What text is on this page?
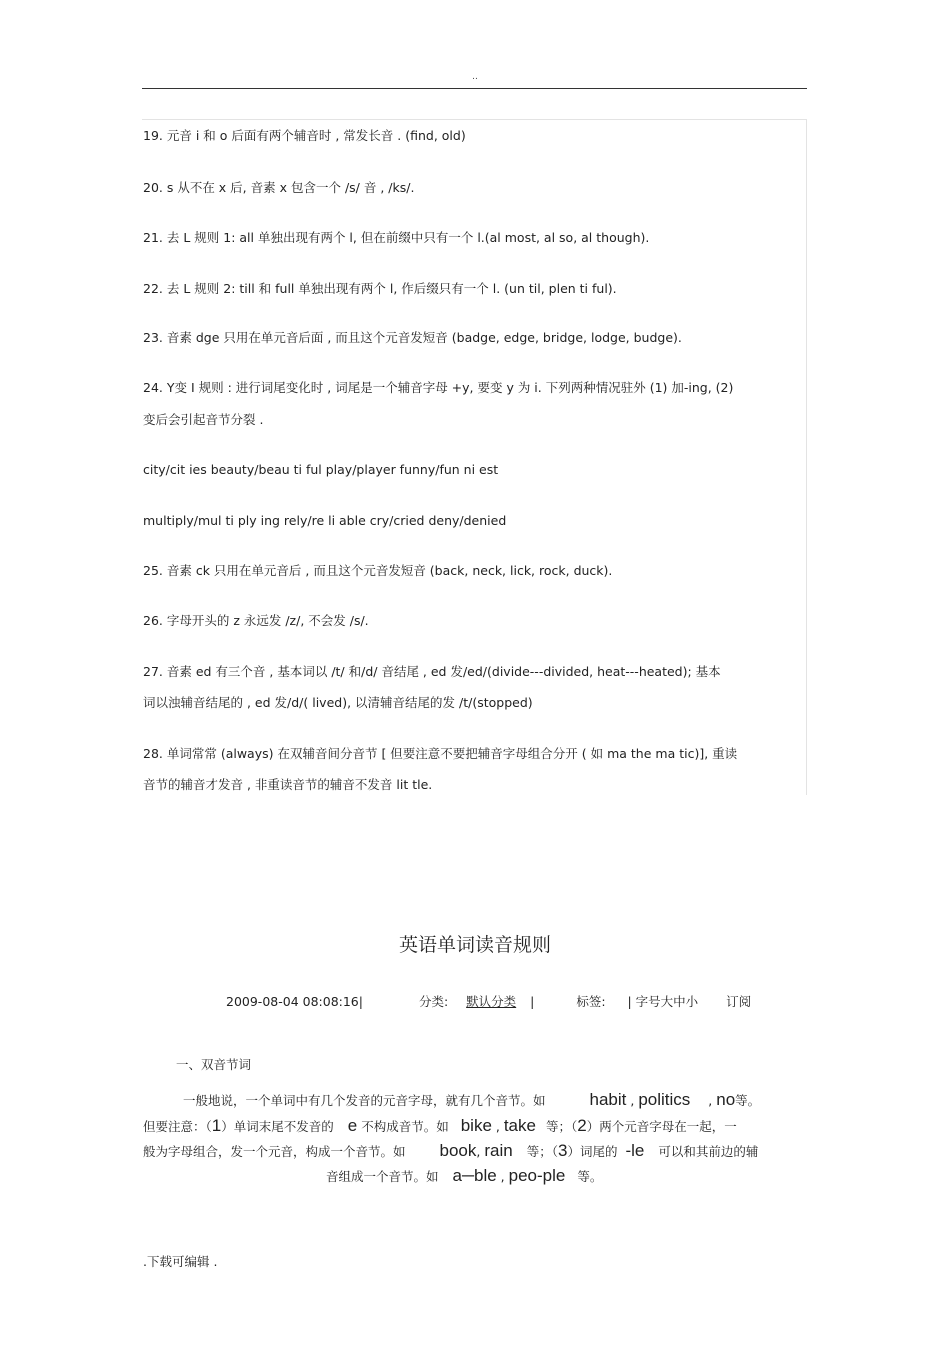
..
19. 元音 i 和 o 后面有两个辅音时 , 常发长音 . (find, old)
20. s 从不在 x 后, 音素 x 包含一个 /s/ 音 , /ks/.
21. 去 L 规则 1: all 单独出现有两个 l, 但在前缀中只有一个 l.(al most, al so, al though).
22. 去 L 规则 2: till 和 full 单独出现有两个 l, 作后缀只有一个 l. (un til, plen ti ful).
23. 音素 dge 只用在单元音后面 , 而且这个元音发短音 (badge, edge, bridge, lodge, budge).
24. Y变 I 规则 : 进行词尾变化时 , 词尾是一个辅音字母 +y, 要变 y 为 i. 下列两种情况驻外 (1) 加-ing, (2)
变后会引起音节分裂 .
city/cit ies beauty/beau ti ful play/player funny/fun ni est
multiply/mul ti ply ing rely/re li able cry/cried deny/denied
25. 音素 ck 只用在单元音后 , 而且这个元音发短音 (back, neck, lick, rock, duck).
26. 字母开头的 z 永远发 /z/, 不会发 /s/.
27. 音素 ed 有三个音 , 基本词以 /t/ 和/d/ 音结尾 , ed 发/ed/(divide---divided, heat---heated); 基本
词以浊辅音结尾的 , ed 发/d/( lived), 以清辅音结尾的发 /t/(stopped)
28. 单词常常 (always) 在双辅音间分音节 [ 但要注意不要把辅音字母组合分开 ( 如 ma the ma tic)], 重读
音节的辅音才发音 , 非重读音节的辅音不发音 lit tle.
英语单词读音规则
2009-08-04 08:08:16|	分类: 默认分类 |	标签: | 字号大中小 订阅
一、双音节词
一般地说，一个单词中有几个发音的元音字母，就有几个音节。如	habit , politics , no等。
但要注意：（1）单词末尾不发音的 e 不构成音节。如 bike , take 等；（2）两个元音字母在一起，一
般为字母组合，发一个元音，构成一个音节。如 book, rain 等；（3）词尾的 -le 可以和其前边的辅
音组成一个音节。如 a─ble , peo-ple 等。
.下载可编辑 .
